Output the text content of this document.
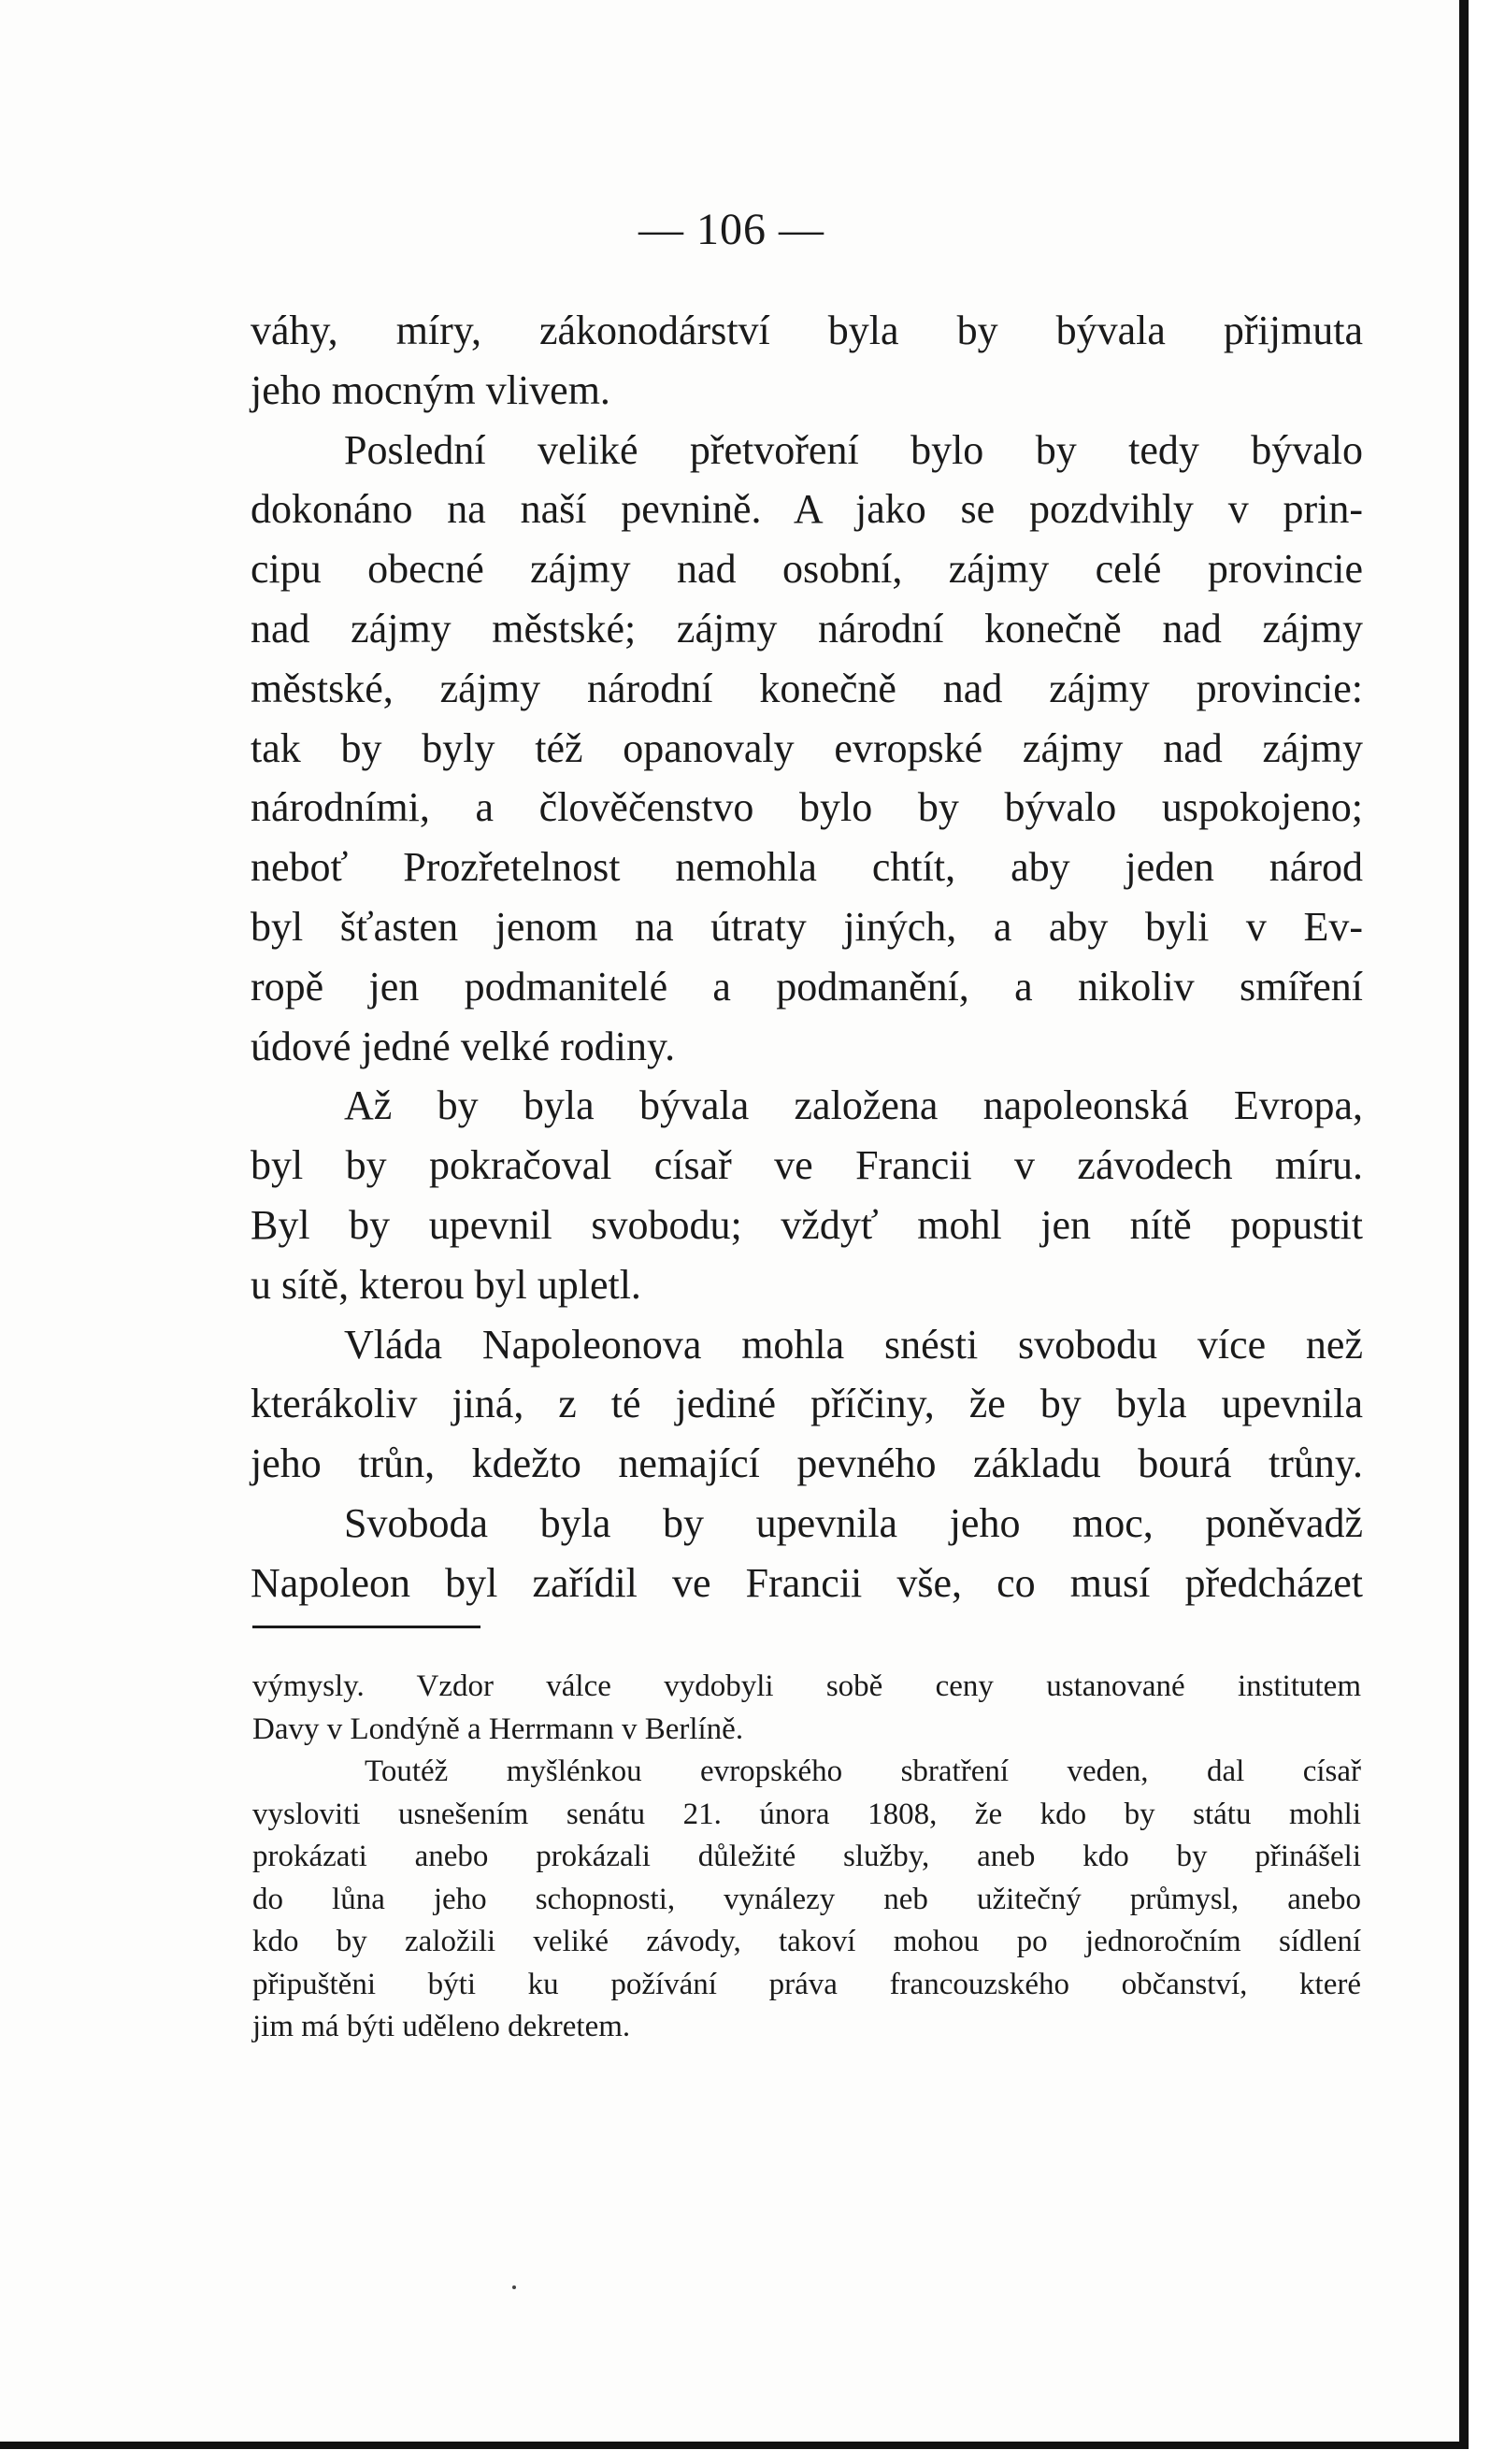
— 106 —
váhy, míry, zákonodárství byla by bývala přijmuta
jeho mocným vlivem.
Poslední veliké přetvoření bylo by tedy bývalo
dokonáno na naší pevnině. A jako se pozdvihly v prin-
cipu obecné zájmy nad osobní, zájmy celé provincie
nad zájmy městské; zájmy národní konečně nad zájmy
městské, zájmy národní konečně nad zájmy provincie:
tak by byly též opanovaly evropské zájmy nad zájmy
národními, a člověčenstvo bylo by bývalo uspokojeno;
neboť Prozřetelnost nemohla chtít, aby jeden národ
byl šťasten jenom na útraty jiných, a aby byli v Ev-
ropě jen podmanitelé a podmanění, a nikoliv smíření
údové jedné velké rodiny.
Až by byla bývala založena napoleonská Evropa,
byl by pokračoval císař ve Francii v závodech míru.
Byl by upevnil svobodu; vždyť mohl jen nítě popustit
u sítě, kterou byl upletl.
Vláda Napoleonova mohla snésti svobodu více než
kterákoliv jiná, z té jediné příčiny, že by byla upevnila
jeho trůn, kdežto nemající pevného základu bourá trůny.
Svoboda byla by upevnila jeho moc, poněvadž
Napoleon byl zařídil ve Francii vše, co musí předcházet
výmysly. Vzdor válce vydobyli sobě ceny ustanované institutem
Davy v Londýně a Herrmann v Berlíně.
Toutéž myšlénkou evropského sbratření veden, dal císař
vysloviti usnešením senátu 21. února 1808, že kdo by státu mohli
prokázati anebo prokázali důležité služby, aneb kdo by přinášeli
do lůna jeho schopnosti, vynálezy neb užitečný průmysl, anebo
kdo by založili veliké závody, takoví mohou po jednoročním sídlení
připuštěni býti ku požívání práva francouzského občanství, které
jim má býti uděleno dekretem.
